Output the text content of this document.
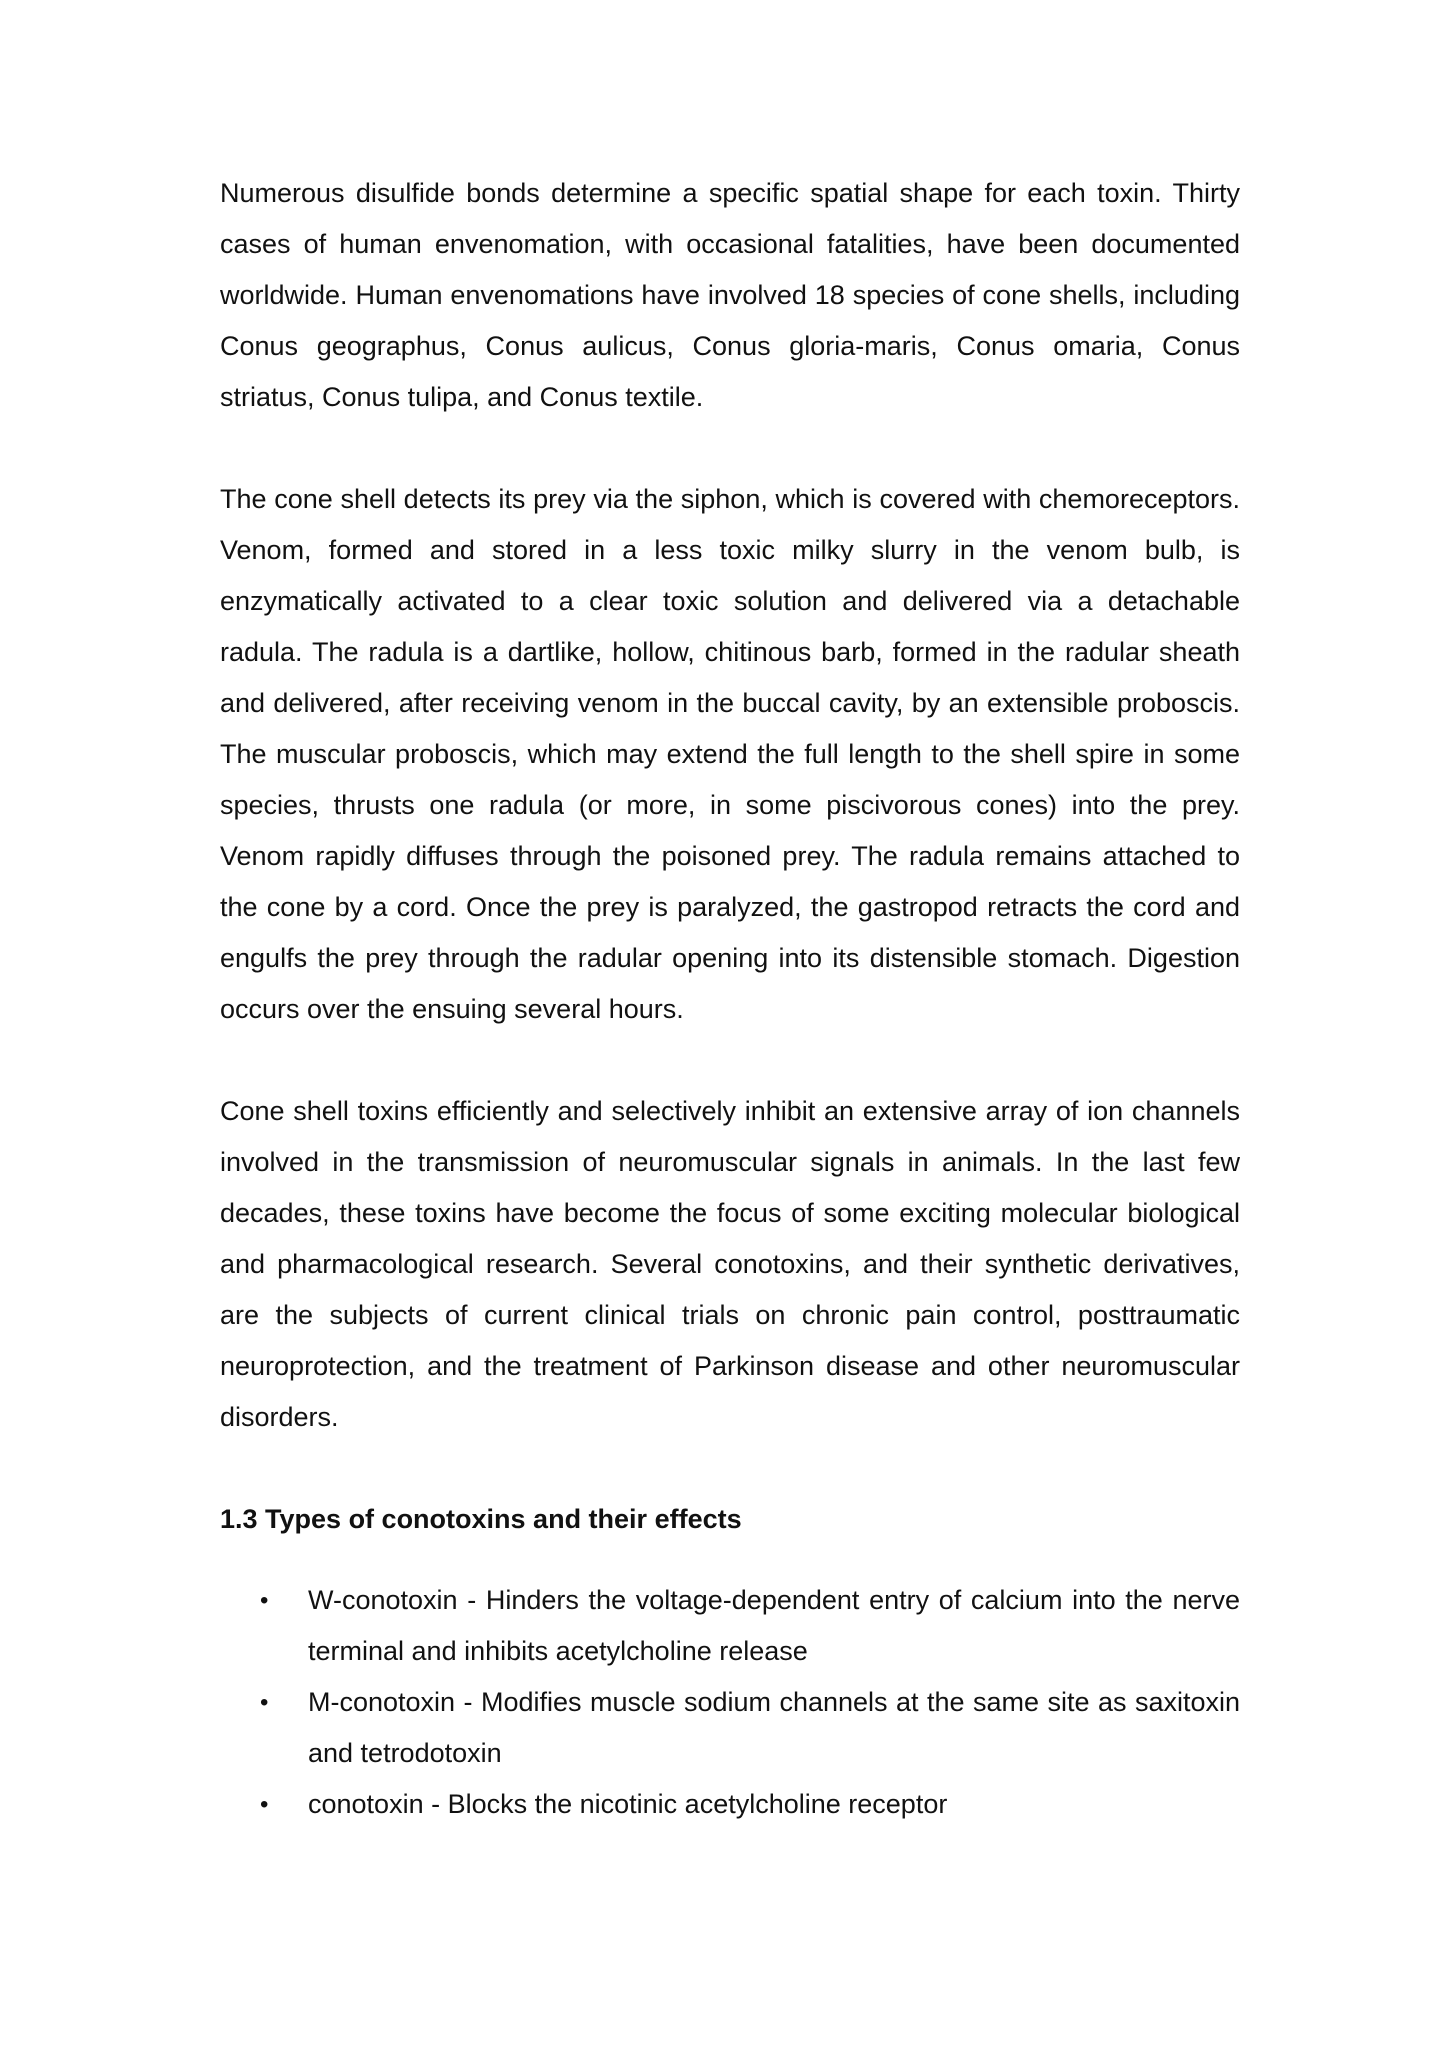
Numerous disulfide bonds determine a specific spatial shape for each toxin. Thirty cases of human envenomation, with occasional fatalities, have been documented worldwide. Human envenomations have involved 18 species of cone shells, including Conus geographus, Conus aulicus, Conus gloria-maris, Conus omaria, Conus striatus, Conus tulipa, and Conus textile.

The cone shell detects its prey via the siphon, which is covered with chemoreceptors. Venom, formed and stored in a less toxic milky slurry in the venom bulb, is enzymatically activated to a clear toxic solution and delivered via a detachable radula. The radula is a dartlike, hollow, chitinous barb, formed in the radular sheath and delivered, after receiving venom in the buccal cavity, by an extensible proboscis. The muscular proboscis, which may extend the full length to the shell spire in some species, thrusts one radula (or more, in some piscivorous cones) into the prey. Venom rapidly diffuses through the poisoned prey. The radula remains attached to the cone by a cord. Once the prey is paralyzed, the gastropod retracts the cord and engulfs the prey through the radular opening into its distensible stomach. Digestion occurs over the ensuing several hours.

Cone shell toxins efficiently and selectively inhibit an extensive array of ion channels involved in the transmission of neuromuscular signals in animals. In the last few decades, these toxins have become the focus of some exciting molecular biological and pharmacological research. Several conotoxins, and their synthetic derivatives, are the subjects of current clinical trials on chronic pain control, posttraumatic neuroprotection, and the treatment of Parkinson disease and other neuromuscular disorders.

1.3 Types of conotoxins and their effects
• W-conotoxin - Hinders the voltage-dependent entry of calcium into the nerve terminal and inhibits acetylcholine release
• M-conotoxin - Modifies muscle sodium channels at the same site as saxitoxin and tetrodotoxin
• conotoxin - Blocks the nicotinic acetylcholine receptor
